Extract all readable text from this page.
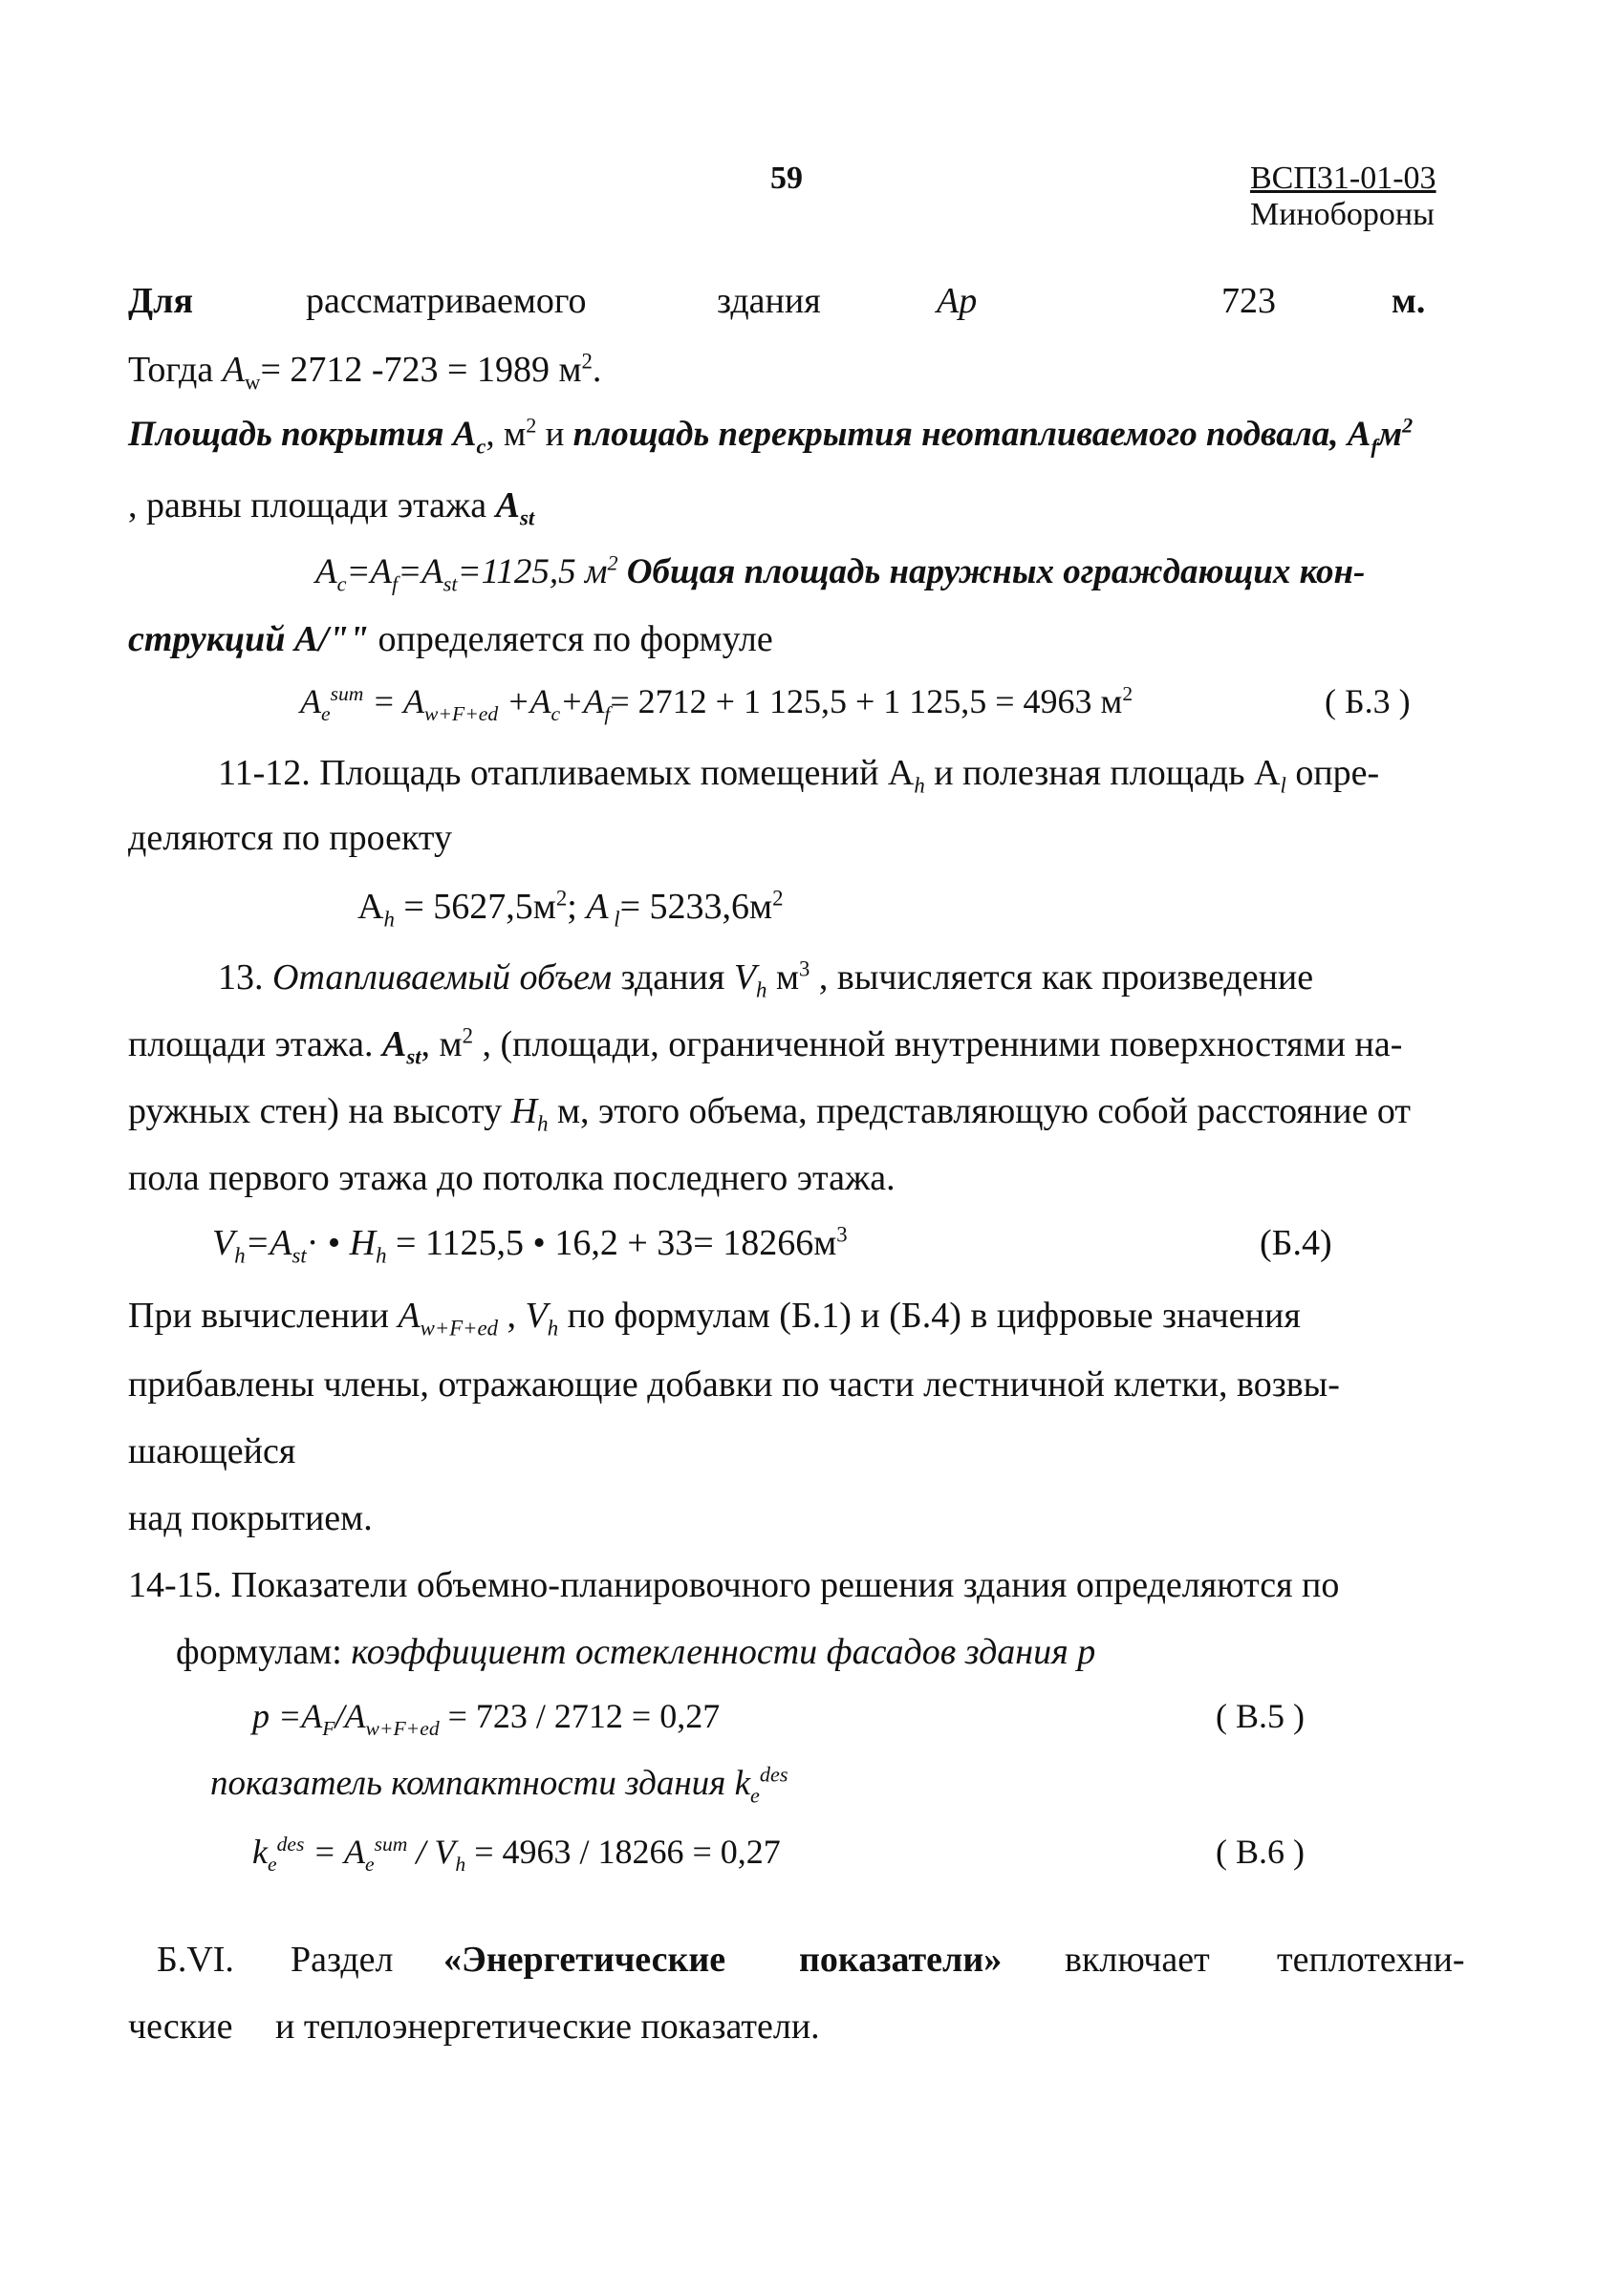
59	ВСП31-01-03
Минобороны
Для	рассматриваемого	здания	Ap	723	м.
Тогда $A_w= 2712$ -723 = 1989 $м^2$.
Площадь покрытия $A_c$, $м^2$ и площадь перекрытия неотапливаемого подвала, $A_fм^2$
, равны площади этажа $A_{st}$
$A_c=A_f=A_{st}=1125,5$ $м^2$ Общая площадь наружных ограждающих кон-
струкций A/"" определяется по формуле
$A_e^{sum} = A_{w+F+ed} +A_c+A_f= 2712 + 1$ 125,5 + 1 125,5 = 4963 $м^2$	( Б.3 )
11-12. Площадь отапливаемых помещений $A_h$ и полезная площадь $A_l$ опре-
деляются по проекту
$A_h = 5627,5м^2$; A $_l= 5233,6м^2$
13. Отапливаемый объем здания $V_h$ $м^3$ , вычисляется как произведение
площади этажа. $A_{st}$, $м^2$ , (площади, ограниченной внутренними поверхностями на-
ружных стен) на высоту $H_h$ м, этого объема, представляющую собой расстояние от
пола первого этажа до потолка последнего этажа.
$V_h=A_{st}\cdot$ • $H_h = 1125,5$ • $16,2 + 33= 18266м^3$	(Б.4)
При вычислении $A_{w+F+ed}$ , $V_h$ по формулам (Б.1) и (Б.4) в цифровые значения
прибавлены члены, отражающие добавки по части лестничной клетки, возвы-
шающейся
над покрытием.
14-15. Показатели объемно-планировочного решения здания определяются по
формулам: коэффициент остекленности фасадов здания p
$p =A_F/A_{w+F+ed} = 723 / 2712 = 0,27$	( B.5 )
показатель компактности здания $k_e^{des}$
$k_e^{des} = A_e^{sum} / V_h = 4963 / 18266 = 0,27$	( B.6 )
Б.VI. Раздел «Энергетические показатели» включает теплотехни-
ческие и теплоэнергетические показатели.
